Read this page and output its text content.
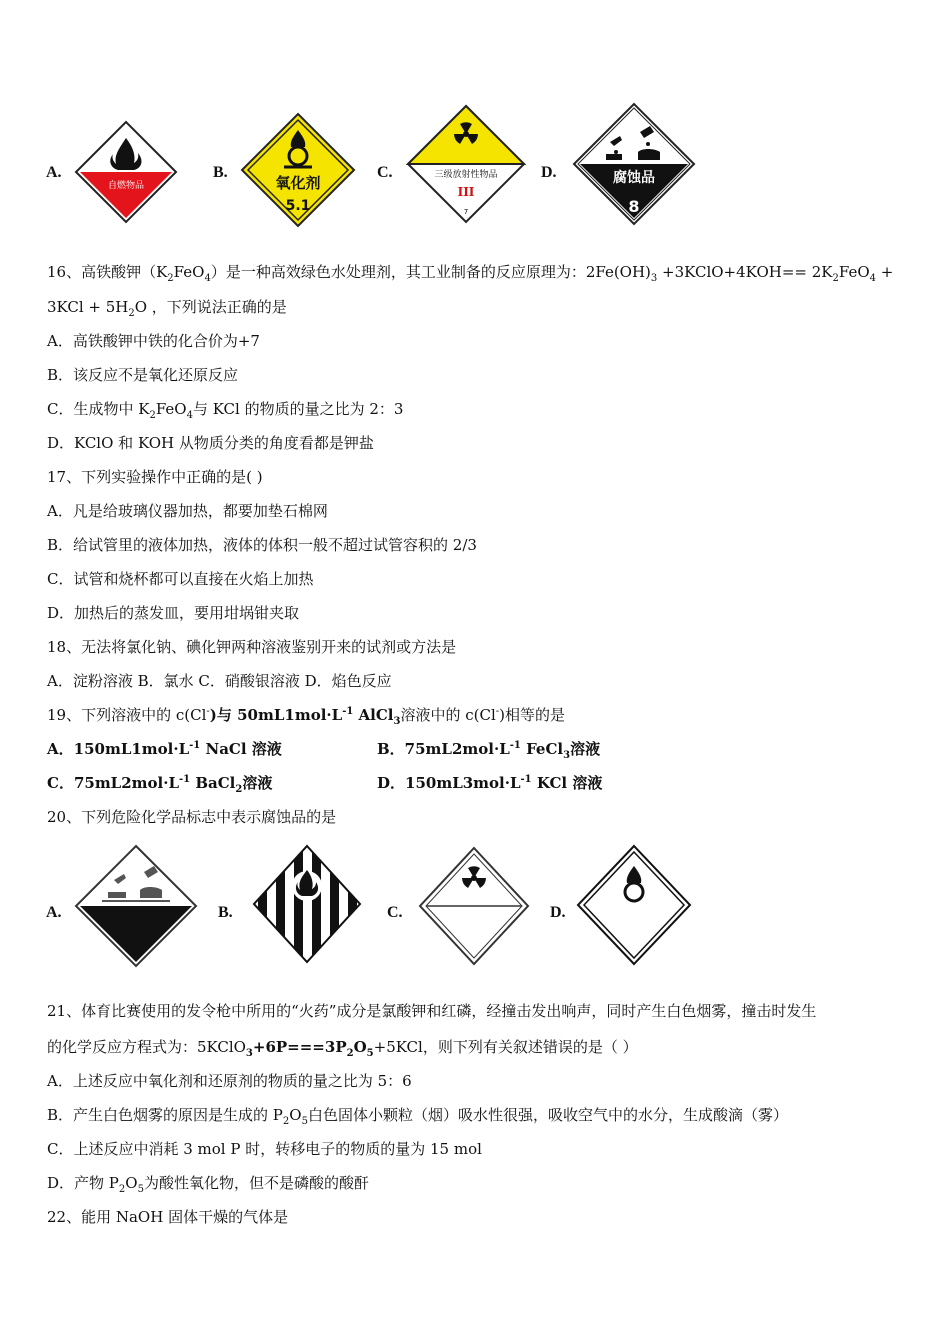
A.
自燃物品
B.
氧化剂
5.1
C.	三级放射性物品
III
7
D.	腐蚀品
8
16、高铁酸钾$(K_2FeO_4)$是一种高效绿色水处理剂，其工业制备的反应原理为：$2Fe(OH)_3$ +3KClO+4KOH== $2K_2FeO_4$ +
$3KCl + 5H_2O$ ，下列说法正确的是
A．高铁酸钾中铁的化合价为+7
B．该反应不是氧化还原反应
C．生成物中 $K_2FeO_4$与 KCl 的物质的量之比为 2：3
D．KClO 和 KOH 从物质分类的角度看都是钾盐
17、下列实验操作中正确的是( )
A．凡是给玻璃仪器加热，都要加垫石棉网
B．给试管里的液体加热，液体的体积一般不超过试管容积的 2/3
C．试管和烧杯都可以直接在火焰上加热
D．加热后的蒸发皿，要用坩埚钳夹取
18、无法将氯化钠、碘化钾两种溶液鉴别开来的试剂或方法是
A．淀粉溶液 B．氯水 C．硝酸银溶液 D．焰色反应
19、下列溶液中的 c(Cl-)与 $50mL1mol\cdot L^{-1}$ AlCl$_3$溶液中的 c(Cl-)相等的是
A．$150mL1mol\cdot L^{-1}$ NaCl 溶液	B．$75mL2mol\cdot L^{-1}$ FeCl$_3$溶液
C．$75mL2mol\cdot L^{-1}$ BaCl$_2$溶液	D．$150mL3mol\cdot L^{-1}$ KCl 溶液
20、下列危险化学品标志中表示腐蚀品的是
A.	B.	C.	D.
21、体育比赛使用的发令枪中所用的“火药”成分是氯酸钾和红磷，经撞击发出响声，同时产生白色烟雾，撞击时发生
的化学反应方程式为：$5KClO_3+6P===3P_2O_5+5KCl$，则下列有关叙述错误的是（ ）
A．上述反应中氧化剂和还原剂的物质的量之比为 5：6
B．产生白色烟雾的原因是生成的 $P_2O_5$白色固体小颗粒（烟）吸水性很强，吸收空气中的水分，生成酸滴（雾）
C．上述反应中消耗 3 mol P 时，转移电子的物质的量为 15 mol
D．产物 $P_2O_5$为酸性氧化物，但不是磷酸的酸酐
22、能用 NaOH 固体干燥的气体是
